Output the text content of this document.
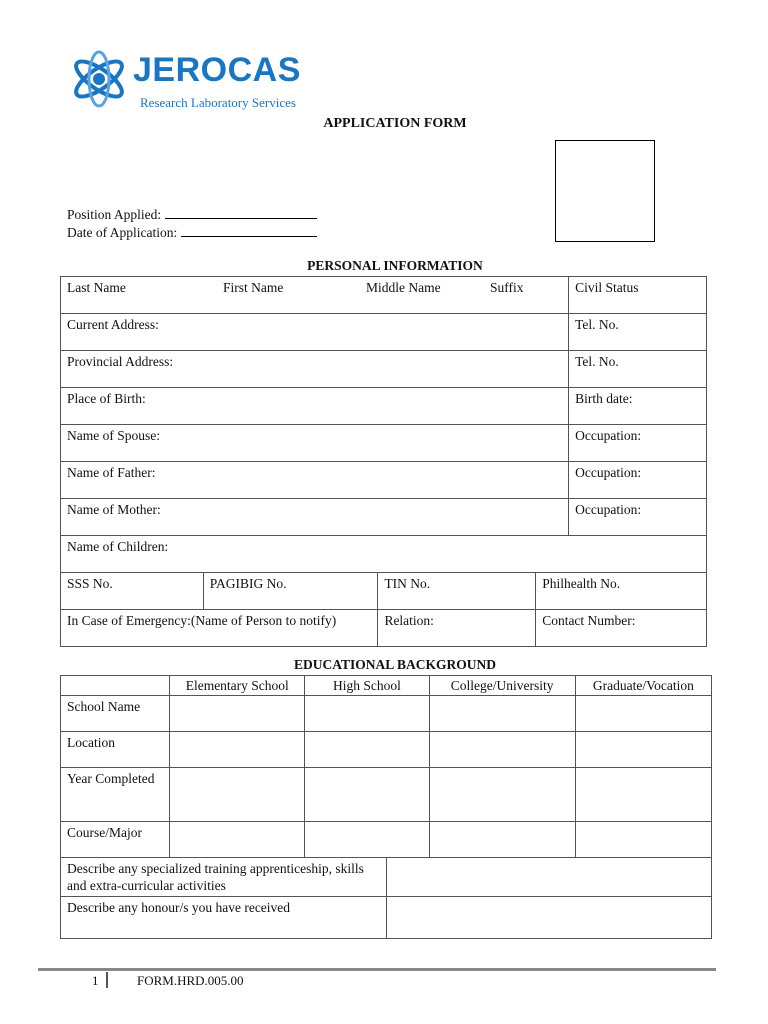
JEROCAS
Research Laboratory Services
APPLICATION FORM
Position Applied:
Date of Application:
PERSONAL INFORMATION
Last Name First Name Middle Name Suffix				Civil Status
Current Address:				Tel. No.
Provincial Address:				Tel. No.
Place of Birth:				Birth date:
Name of Spouse:				Occupation:
Name of Father:				Occupation:
Name of Mother:				Occupation:
Name of Children:				
SSS No.	PAGIBIG No.	TIN No.	Philhealth No.	
In Case of Emergency:(Name of Person to notify)		Relation:	Contact Number:	
EDUCATIONAL BACKGROUND
	Elementary School	High School	College/University	Graduate/Vocation
School Name				
Location				
Year Completed				
Course/Major				
Describe any specialized training apprenticeship, skills and extra-curricular activities	
Describe any honour/s you have received	
1	FORM.HRD.005.00
